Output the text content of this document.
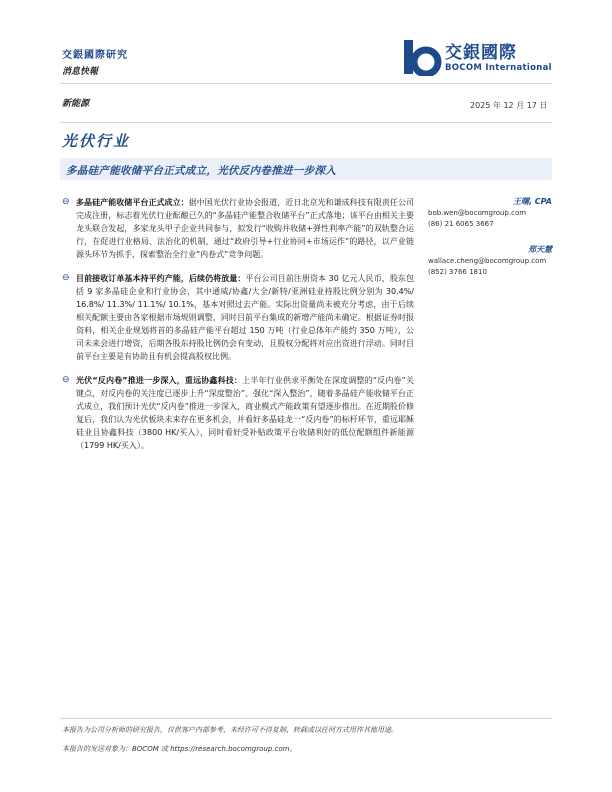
交銀國際研究
消息快報
交銀國際
BOCOM International
新能源	2025 年 12 月 17 日
光伏行业
多晶硅产能收储平台正式成立，光伏反内卷推进一步深入
⊖ 多晶硅产能收储平台正式成立：据中国光伏行业协会报道，近日北京光和谦成科技有限责任公司完成注册，标志着光伏行业酝酿已久的“多晶硅产能整合收储平台”正式落地；该平台由相关主要龙头联合发起，多家龙头甲子企业共同参与，拟发行“收购并收储+弹性利率产能”的双轨整合运行，在促进行业格局、法治化的机制，通过“政府引导+行业协同+市场运作”的路径，以产业链源头环节为抓手，探索整治全行业“内卷式”竞争问题。
⊖ 目前接收订单基本持平约产能，后续仍将放量：平台公司目前注册资本 30 亿元人民币，股东包括 9 家多晶硅企业和行业协会，其中通威/协鑫/大全/新特/亚洲硅业持股比例分别为 30.4%/ 16.8%/ 11.3%/ 11.1%/ 10.1%，基本对照过去产能。实际出资量尚未被充分考虑，由于后续相关配额主要由各家根据市场规则调整，同时目前平台集成的新增产能尚未确定。根据证券时报资料，相关企业规划将首的多晶硅产能平台超过 150 万吨（行业总体年产能约 350 万吨），公司未来会进行增资，后期各股东持股比例仍会有变动，且股权分配将对应出资进行浮动。同时目前平台主要是有协助且有机会提高股权比例。
⊖ 光伏“反内卷”推进一步深入，重远协鑫科技：上半年行业供求平衡处在深度调整的“反内卷”关键点，对反内卷的关注度已逐步上升“深度整治”、强化“深入整治”，随着多晶硅产能收储平台正式成立，我们预计光伏“反内卷”推进一步深入，商业模式产能政策有望逐步推出。在近期股价修复后，我们认为光伏板块未来存在更多机会，并看好多晶硅龙一“反内卷”的标杆环节，重远耶稣硅业且协鑫科技（3800 HK/买入），同时看好受补贴政策平台收储利好的低位配额组件新能源（1799 HK/买入）。
王曙, CPA
bob.wen@bocomgroup.com
(86) 21 6065 3667
郑天慧
wallace.cheng@bocomgroup.com
(852) 3766 1810
本报告为公司分析师的研究报告，仅供客户内部参考，未经许可不得复制、转载或以任何方式用作其他用途。
本报告的发送对象为：BOCOM 或 https://research.bocomgroup.com。
